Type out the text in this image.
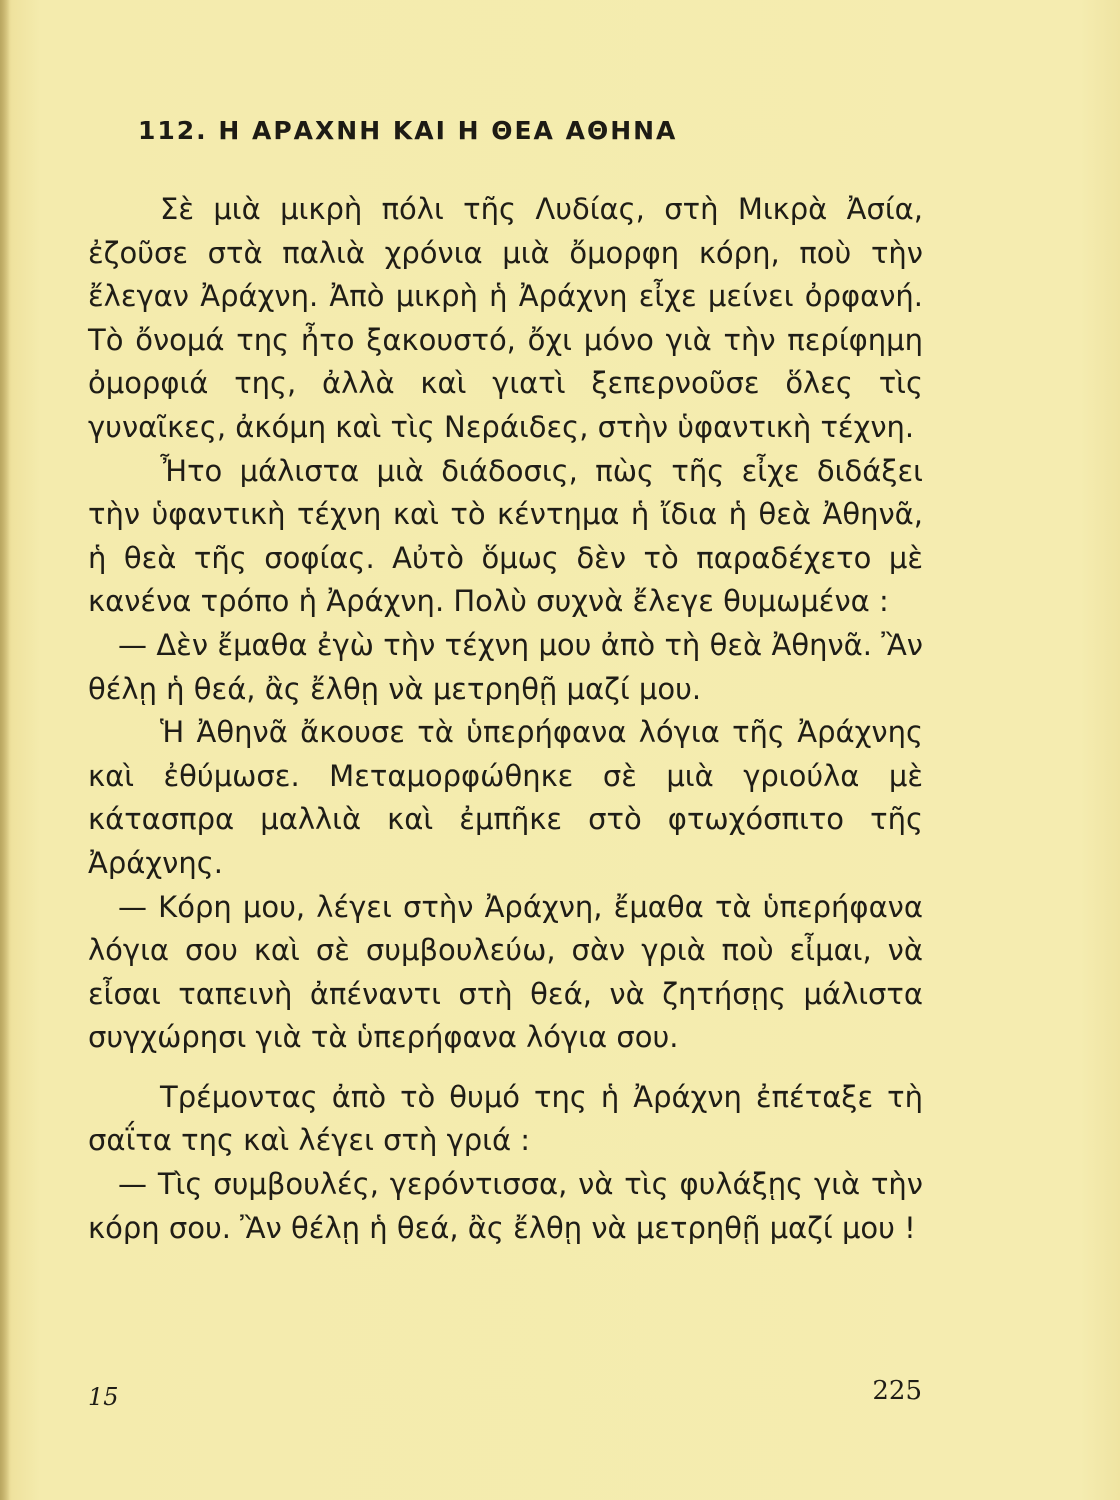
112. Η ΑΡΑΧΝΗ ΚΑΙ Η ΘΕΑ ΑΘΗΝΑ

Σὲ μιὰ μικρὴ πόλι τῆς Λυδίας, στὴ Μικρὰ Ἀσία, ἐζοῦσε στὰ παλιὰ χρόνια μιὰ ὄμορφη κόρη, ποὺ τὴν ἔλεγαν Ἀράχνη. Ἀπὸ μικρὴ ἡ Ἀράχνη εἶχε μείνει ὀρφανή. Τὸ ὄνομά της ἦτο ξακουστό, ὄχι μόνο γιὰ τὴν περίφημη ὀμορφιά της, ἀλλὰ καὶ γιατὶ ξεπερνοῦσε ὅλες τὶς γυναῖκες, ἀκόμη καὶ τὶς Νεράιδες, στὴν ὑφαντικὴ τέχνη.

Ἦτο μάλιστα μιὰ διάδοσις, πὼς τῆς εἶχε διδάξει τὴν ὑφαντικὴ τέχνη καὶ τὸ κέντημα ἡ ἴδια ἡ θεὰ Ἀθηνᾶ, ἡ θεὰ τῆς σοφίας. Αὐτὸ ὅμως δὲν τὸ παραδέχετο μὲ κανένα τρόπο ἡ Ἀράχνη. Πολὺ συχνὰ ἔλεγε θυμωμένα :

— Δὲν ἔμαθα ἐγὼ τὴν τέχνη μου ἀπὸ τὴ θεὰ Ἀθηνᾶ. Ἂν θέλῃ ἡ θεά, ἂς ἔλθῃ νὰ μετρηθῇ μαζί μου.

Ἡ Ἀθηνᾶ ἄκουσε τὰ ὑπερήφανα λόγια τῆς Ἀράχνης καὶ ἐθύμωσε. Μεταμορφώθηκε σὲ μιὰ γριούλα μὲ κάτασπρα μαλλιὰ καὶ ἐμπῆκε στὸ φτωχόσπιτο τῆς Ἀράχνης.

— Κόρη μου, λέγει στὴν Ἀράχνη, ἔμαθα τὰ ὑπερήφανα λόγια σου καὶ σὲ συμβουλεύω, σὰν γριὰ ποὺ εἶμαι, νὰ εἶσαι ταπεινὴ ἀπέναντι στὴ θεά, νὰ ζητήσῃς μάλιστα συγχώρησι γιὰ τὰ ὑπερήφανα λόγια σου.

Τρέμοντας ἀπὸ τὸ θυμό της ἡ Ἀράχνη ἐπέταξε τὴ σαΐτα της καὶ λέγει στὴ γριά :

— Τὶς συμβουλές, γερόντισσα, νὰ τὶς φυλάξῃς γιὰ τὴν κόρη σου. Ἂν θέλῃ ἡ θεά, ἂς ἔλθῃ νὰ μετρηθῇ μαζί μου !

15	225
